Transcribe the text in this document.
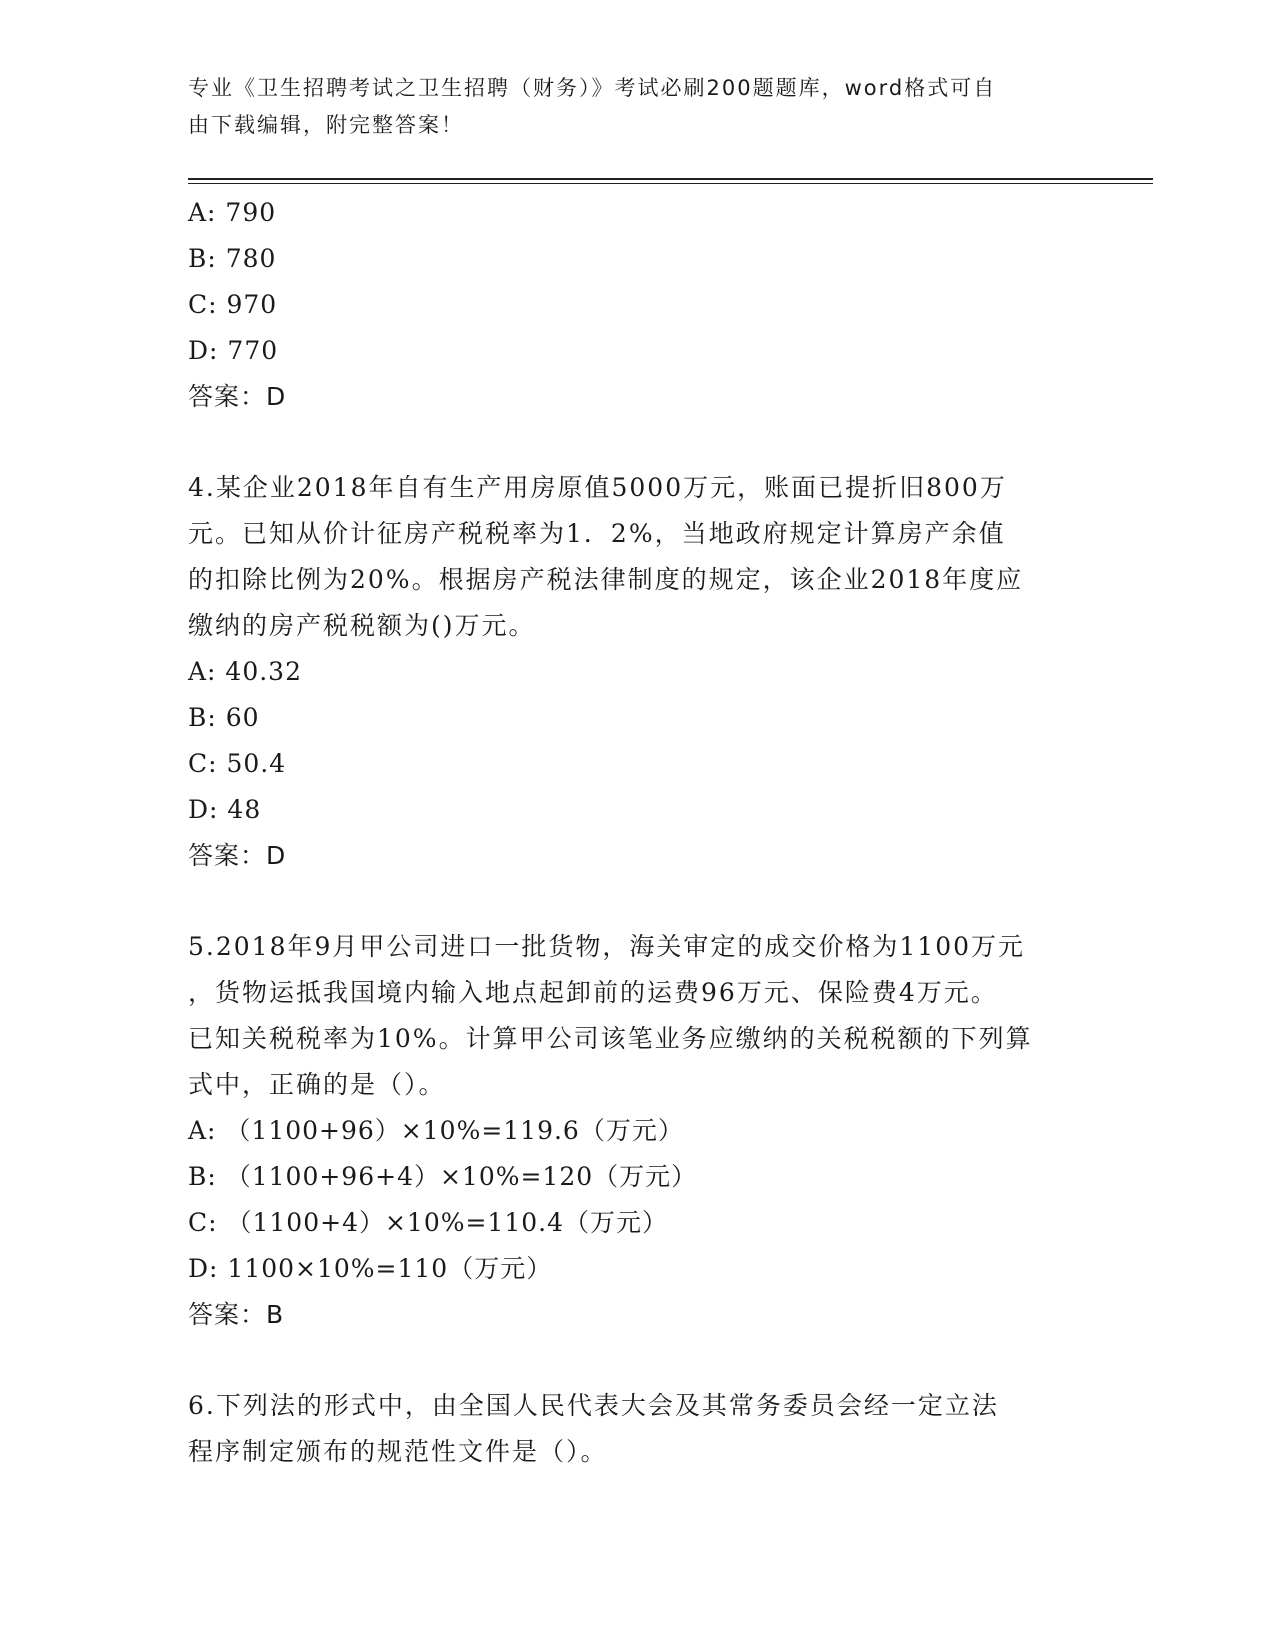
专业《卫生招聘考试之卫生招聘（财务）》考试必刷200题题库，word格式可自
由下载编辑，附完整答案！
A: 790
B: 780
C: 970
D: 770
答案：D
4.某企业2018年自有生产用房原值5000万元，账面已提折旧800万
元。已知从价计征房产税税率为1．2%，当地政府规定计算房产余值
的扣除比例为20%。根据房产税法律制度的规定，该企业2018年度应
缴纳的房产税税额为()万元。
A: 40.32
B: 60
C: 50.4
D: 48
答案：D
5.2018年9月甲公司进口一批货物，海关审定的成交价格为1100万元
，货物运抵我国境内输入地点起卸前的运费96万元、保险费4万元。
已知关税税率为10%。计算甲公司该笔业务应缴纳的关税税额的下列算
式中，正确的是（）。
A: （1100+96）×10%=119.6（万元）
B: （1100+96+4）×10%=120（万元）
C: （1100+4）×10%=110.4（万元）
D: 1100×10%=110（万元）
答案：B
6.下列法的形式中，由全国人民代表大会及其常务委员会经一定立法
程序制定颁布的规范性文件是（）。
